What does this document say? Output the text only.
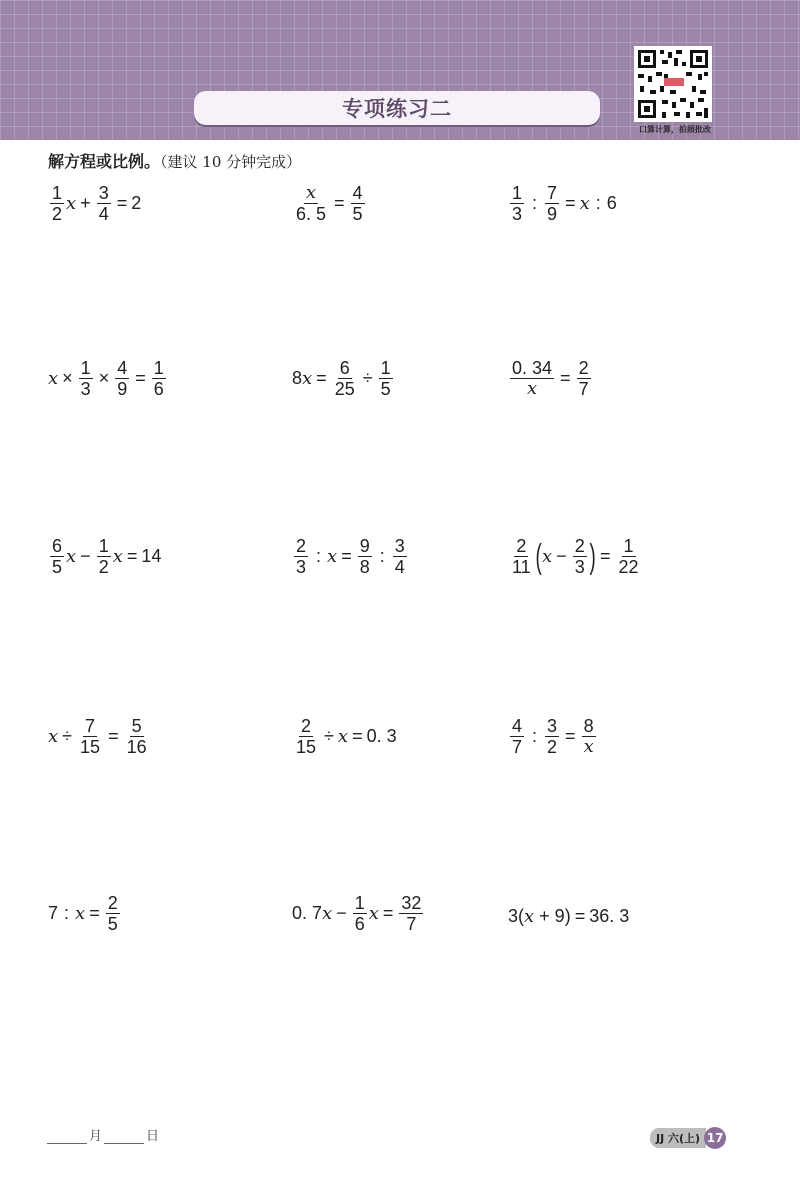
专项练习二
口算计算，拍照批改
解方程或比例。（建议 10 分钟完成）
$\frac{1}{2}$ $x + \frac{3}{4} = 2$	$\frac{x}{6. 5} = \frac{4}{5}$	$\frac{1}{3}$ : $\frac{7}{9} = x$ : 6
$x \times \frac{1}{3} \times \frac{4}{9} = \frac{1}{6}$	8 $x = \frac{6}{25} \div \frac{1}{5}$	$\frac{0. 34}{x} = \frac{2}{7}$
$\frac{6}{5}$ $x - \frac{1}{2}$ x = 14	$\frac{2}{3}$ : $x = \frac{9}{8}$ : $\frac{3}{4}$	$\frac{2}{11}$ ( $x - \frac{2}{3}$ ) = $\frac{1}{22}$
$x \div \frac{7}{15} = \frac{5}{16}$	$\frac{2}{15} \div x = 0$. 3	$\frac{4}{7}$ : $\frac{3}{2} = \frac{8}{x}$
7 : $x = \frac{2}{5}$	0. 7 $x - \frac{1}{6}$ $x = \frac{32}{7}$	3 ( x + 9 ) = 36. 3
月	日	JJ 六(上) 17
